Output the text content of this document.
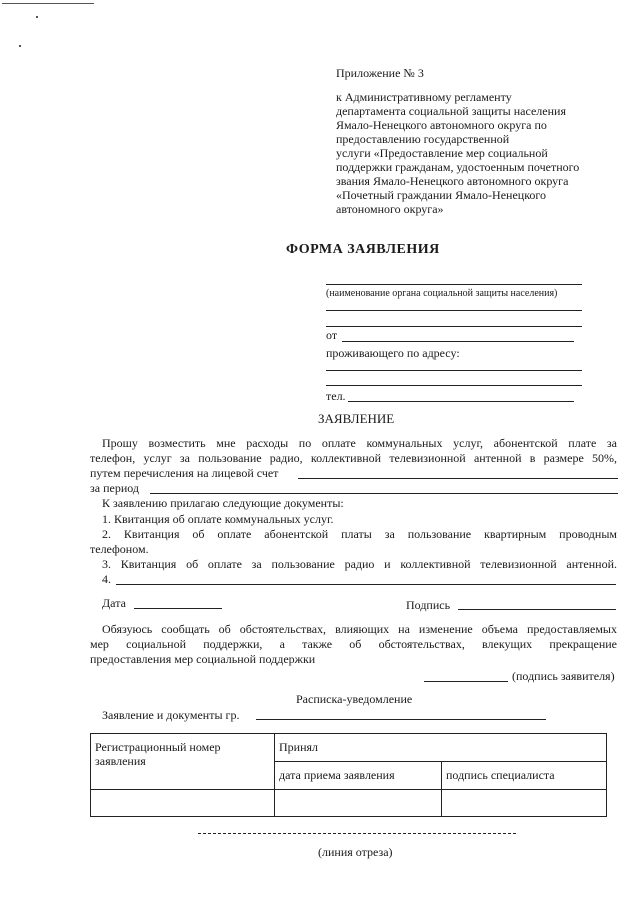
Приложение № 3
к Административному регламенту
департамента социальной защиты населения
Ямало-Ненецкого автономного округа по
предоставлению государственной
услуги «Предоставление мер социальной
поддержки гражданам, удостоенным почетного
звания Ямало-Ненецкого автономного округа
«Почетный граждании Ямало-Ненецкого
автономного округа»
ФОРМА ЗАЯВЛЕНИЯ
(наименование органа социальной защиты населения)
от
проживающего по адресу:
тел.
ЗАЯВЛЕНИЕ
Прошу возместить мне расходы по оплате коммунальных услуг, абонентской плате за
телефон, услуг за пользование радио, коллективной телевизионной антенной в размере 50%,
путем перечисления на лицевой счет
за период
К заявлению прилагаю следующие документы:
1. Квитанция об оплате коммунальных услуг.
2. Квитанция об оплате абонентской платы за пользование квартирным проводным
телефоном.
3. Квитанция об оплате за пользование радио и коллективной телевизионной антенной.
4.
Дата	Подпись
Обязуюсь сообщать об обстоятельствах, влияющих на изменение объема предоставляемых
мер социальной поддержки, а также об обстоятельствах, влекущих прекращение
предоставления мер социальной поддержки
(подпись заявителя)
Расписка-уведомление
Заявление и документы гр.
Регистрационный номер заявления
Принял
дата приема заявления	подпись специалиста
(линия отреза)
